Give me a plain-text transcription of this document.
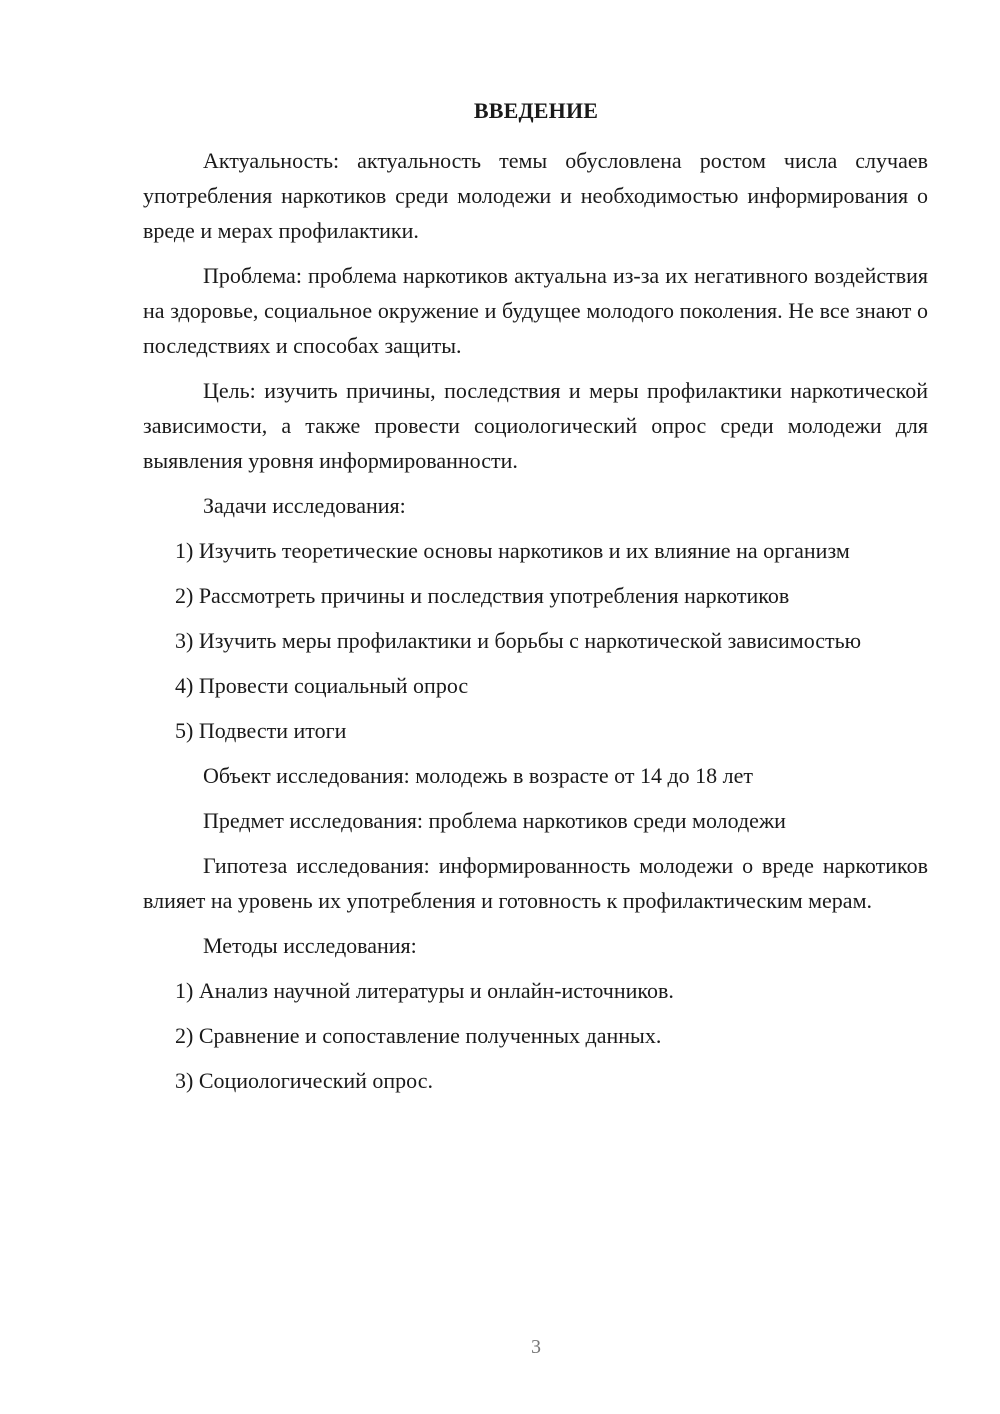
ВВЕДЕНИЕ

Актуальность: актуальность темы обусловлена ростом числа случаев употребления наркотиков среди молодежи и необходимостью информирования о вреде и мерах профилактики.

Проблема: проблема наркотиков актуальна из-за их негативного воздействия на здоровье, социальное окружение и будущее молодого поколения. Не все знают о последствиях и способах защиты.

Цель: изучить причины, последствия и меры профилактики наркотической зависимости, а также провести социологический опрос среди молодежи для выявления уровня информированности.

Задачи исследования:

1) Изучить теоретические основы наркотиков и их влияние на организм

2) Рассмотреть причины и последствия употребления наркотиков

3) Изучить меры профилактики и борьбы с наркотической зависимостью

4) Провести социальный опрос

5) Подвести итоги

Объект исследования: молодежь в возрасте от 14 до 18 лет

Предмет исследования: проблема наркотиков среди молодежи

Гипотеза исследования: информированность молодежи о вреде наркотиков влияет на уровень их употребления и готовность к профилактическим мерам.

Методы исследования:

1) Анализ научной литературы и онлайн-источников.

2) Сравнение и сопоставление полученных данных.

3) Социологический опрос.

3
